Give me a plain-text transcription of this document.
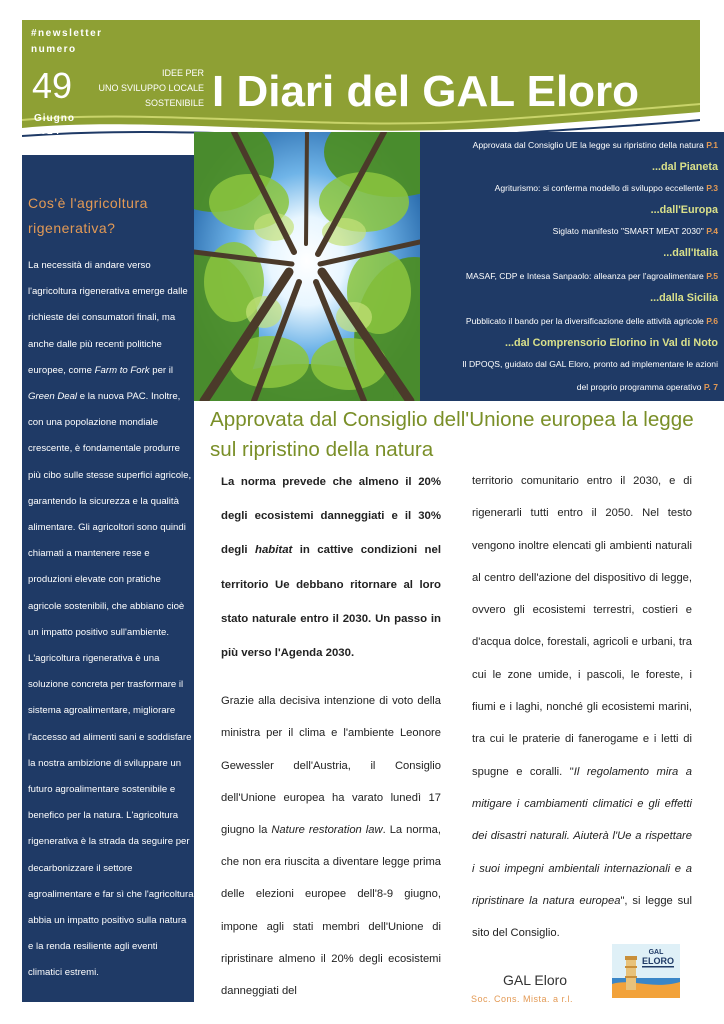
#newsletter
numero
49
Giugno
2024
IDEE PER
UNO SVILUPPO LOCALE
SOSTENIBILE I Diari del GAL Eloro
Cos'è l'agricoltura rigenerativa?
La necessità di andare verso l'agricoltura rigenerativa emerge dalle richieste dei consumatori finali, ma anche dalle più recenti politiche europee, come Farm to Fork per il Green Deal e la nuova PAC. Inoltre, con una popolazione mondiale crescente, è fondamentale produrre più cibo sulle stesse superfici agricole, garantendo la sicurezza e la qualità alimentare. Gli agricoltori sono quindi chiamati a mantenere rese e produzioni elevate con pratiche agricole sostenibili, che abbiano cioè un impatto positivo sull'ambiente. L'agricoltura rigenerativa è una soluzione concreta per trasformare il sistema agroalimentare, migliorare l'accesso ad alimenti sani e soddisfare la nostra ambizione di sviluppare un futuro agroalimentare sostenibile e benefico per la natura. L'agricoltura rigenerativa è la strada da seguire per decarbonizzare il settore agroalimentare e far sì che l'agricoltura abbia un impatto positivo sulla natura e la renda resiliente agli eventi climatici estremi.
Approvata dal Consiglio UE la legge su ripristino della natura P.1
...dal Pianeta
Agriturismo: si conferma modello di sviluppo eccellente P.3
...dall'Europa
Siglato manifesto "SMART MEAT 2030" P.4
...dall'Italia
MASAF, CDP e Intesa Sanpaolo: alleanza per l'agroalimentare P.5
...dalla Sicilia
Pubblicato il bando per la diversificazione delle attività agricole P.6
...dal Comprensorio Elorino in Val di Noto
Il DPOQS, guidato dal GAL Eloro, pronto ad implementare le azioni
del proprio programma operativo P. 7
Approvata dal Consiglio dell'Unione europea la legge sul ripristino della natura
La norma prevede che almeno il 20% degli ecosistemi danneggiati e il 30% degli habitat in cattive condizioni nel territorio Ue debbano ritornare al loro stato naturale entro il 2030. Un passo in più verso l'Agenda 2030.
Grazie alla decisiva intenzione di voto della ministra per il clima e l'ambiente Leonore Gewessler dell'Austria, il Consiglio dell'Unione europea ha varato lunedì 17 giugno la Nature restoration law. La norma, che non era riuscita a diventare legge prima delle elezioni europee dell'8-9 giugno, impone agli stati membri dell'Unione di ripristinare almeno il 20% degli ecosistemi danneggiati del
territorio comunitario entro il 2030, e di rigenerarli tutti entro il 2050. Nel testo vengono inoltre elencati gli ambienti naturali al centro dell'azione del dispositivo di legge, ovvero gli ecosistemi terrestri, costieri e d'acqua dolce, forestali, agricoli e urbani, tra cui le zone umide, i pascoli, le foreste, i fiumi e i laghi, nonché gli ecosistemi marini, tra cui le praterie di fanerogame e i letti di spugne e coralli. "Il regolamento mira a mitigare i cambiamenti climatici e gli effetti dei disastri naturali. Aiuterà l'Ue a rispettare i suoi impegni ambientali internazionali e a ripristinare la natura europea", si legge sul sito del Consiglio.
GAL Eloro
Soc. Cons. Mista. a r.l.
GAL
ELORO
